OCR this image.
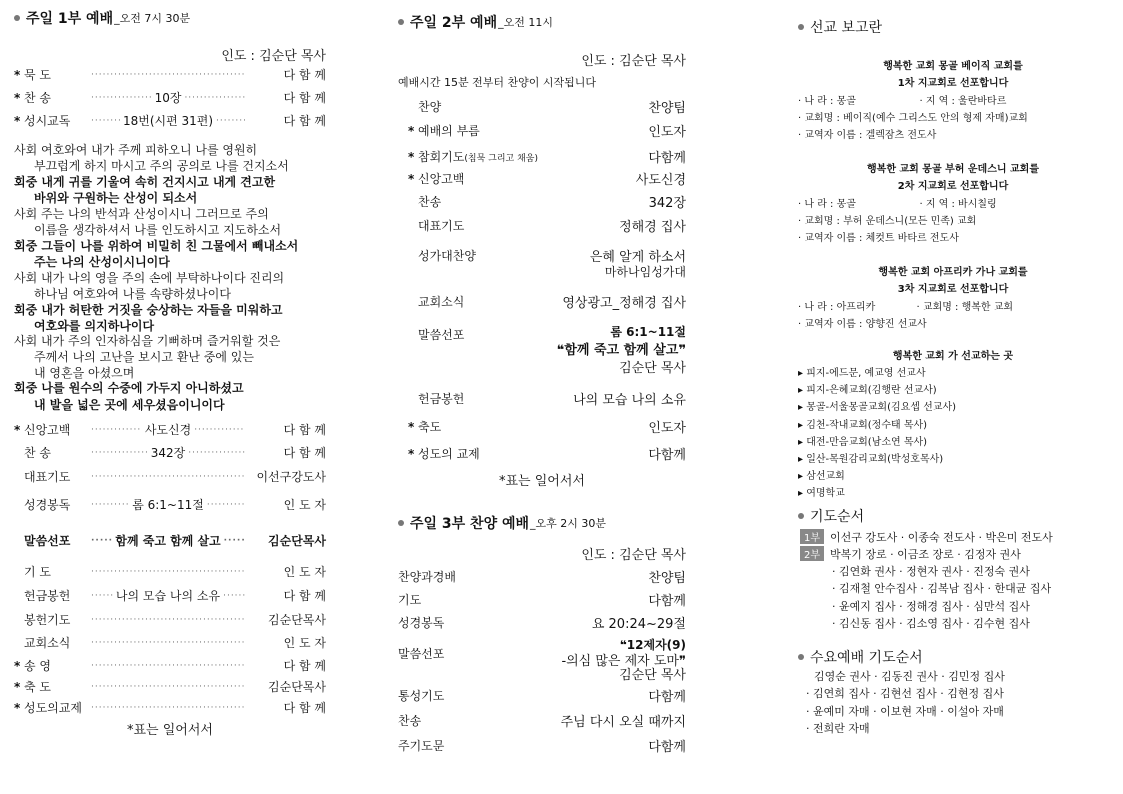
주일 1부 예배 _오전 7시 30분
인도 : 김순단 목사
* 묵 도 ·····	다 함 께
* 찬 송 ·····	10장 ·····	다 함 께
* 성시교독 ·····	18번(시편 31편) ·····	다 함 께
사회 여호와여 내가 주께 피하오니 나를 영원히
부끄럽게 하지 마시고 주의 공의로 나를 건지소서
회중 내게 귀를 기울여 속히 건지시고 내게 견고한
바위와 구원하는 산성이 되소서
사회 주는 나의 반석과 산성이시니 그러므로 주의
이름을 생각하셔서 나를 인도하시고 지도하소서
회중 그들이 나를 위하여 비밀히 친 그물에서 빼내소서
주는 나의 산성이시니이다
사회 내가 나의 영을 주의 손에 부탁하나이다 진리의
하나님 여호와여 나를 속량하셨나이다
회중 내가 허탄한 거짓을 숭상하는 자들을 미워하고
여호와를 의지하나이다
사회 내가 주의 인자하심을 기뻐하며 즐거워할 것은
주께서 나의 고난을 보시고 환난 중에 있는
내 영혼을 아셨으며
회중 나를 원수의 수중에 가두지 아니하셨고
내 발을 넓은 곳에 세우셨음이니이다
* 신앙고백 ·····	사도신경 ·····	다 함 께
찬 송 ·····	342장 ·····	다 함 께
대표기도 ·····	이선구강도사
성경봉독 ·····	롬 6:1~11절 ·····	인 도 자
말씀선포 ·····	함께 죽고 함께 살고 ·····	김순단목사
기 도 ·····	인 도 자
헌금봉헌 ·····	나의 모습 나의 소유 ·····	다 함 께
봉헌기도 ·····	김순단목사
교회소식 ·····	인 도 자
* 송 영 ·····	다 함 께
* 축 도 ·····	김순단목사
* 성도의교제 ·····	다 함 께
*표는 일어서서
주일 2부 예배 _오전 11시
인도 : 김순단 목사
예배시간 15분 전부터 찬양이 시작됩니다
찬양	찬양팀
* 예배의 부름	인도자
* 참회기도(침묵 그리고 채움)	다함께
* 신앙고백	사도신경
찬송	342장
대표기도	정해경 집사
성가대찬양	은혜 알게 하소서
마하나임성가대
교회소식	영상광고_정해경 집사
말씀선포	롬 6:1~11절
❝함께 죽고 함께 살고❞
김순단 목사
헌금봉헌	나의 모습 나의 소유
* 축도	인도자
* 성도의 교제	다함께
*표는 일어서서
주일 3부 찬양 예배 _오후 2시 30분
인도 : 김순단 목사
찬양과경배	찬양팀
기도	다함께
성경봉독	요 20:24~29절
말씀선포
❝12제자(9)
-의심 많은 제자 도마❞
김순단 목사
통성기도	다함께
찬송	주님 다시 오실 때까지
주기도문	다함께
선교 보고란
행복한 교회 몽골 베이직 교회를
1차 지교회로 선포합니다
· 나 라 : 몽골                    · 지 역 : 울란바타르
· 교회명 : 베이직(예수 그리스도 안의 형제 자매)교회
· 교역자 이름 : 겔렉잠츠 전도사
행복한 교회 몽골 부허 운데스니 교회를
2차 지교회로 선포합니다
· 나 라 : 몽골                    · 지 역 : 바시칠링
· 교회명 : 부허 운데스니(모든 민족) 교회
· 교역자 이름 : 체컷트 바타르 전도사
행복한 교회 아프리카 가나 교회를
3차 지교회로 선포합니다
· 나 라 : 아프리카             · 교회명 : 행복한 교회
· 교역자 이름 : 양향진 선교사
행복한 교회 가 선교하는 곳
▸ 피지-에드문, 예교영 선교사
▸ 피지-은혜교회(김행란 선교사)
▸ 몽골-서울몽골교회(김요셉 선교사)
▸ 김천-작내교회(정수태 목사)
▸ 대전-만음교회(남소연 목사)
▸ 일산-목원감리교회(박성호목사)
▸ 삼선교회
▸ 여명학교
기도순서
1부 이선구 강도사 · 이종숙 전도사 · 박은미 전도사
2부 박복기 장로 · 이금조 장로 · 김정자 권사
· 김연화 권사 · 정현자 권사 · 진정숙 권사
· 김재철 안수집사 · 김복남 집사 · 한대균 집사
· 윤예지 집사 · 정해경 집사 · 심만석 집사
· 김신동 집사 · 김소영 집사 · 김수현 집사
수요예배 기도순서
김영순 권사 · 김동진 권사 · 김민정 집사
· 김연희 집사 · 김현선 집사 · 김현정 집사
· 윤예미 자매 · 이보현 자매 · 이설아 자매
· 전희란 자매
